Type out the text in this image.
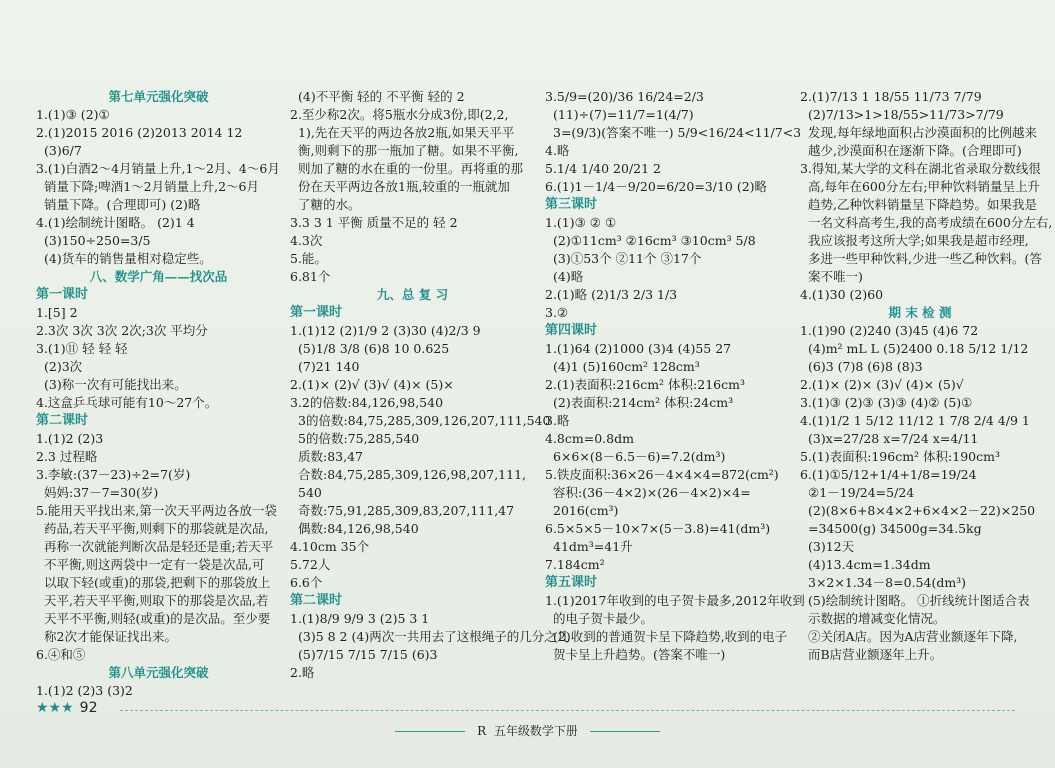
第七单元强化突破
1.(1)③ (2)①
2.(1)2015 2016 (2)2013 2014 12
(3)6/7
3.(1)白酒2～4月销量上升,1～2月、4～6月
销量下降;啤酒1～2月销量上升,2～6月
销量下降。(合理即可) (2)略
4.(1)绘制统计图略。 (2)1 4
(3)150÷250=3/5
(4)货车的销售量相对稳定些。
八、数学广角——找次品
第一课时
1.[5] 2
2.3次 3次 3次 2次;3次 平均分
3.(1)⑪ 轻 轻 轻
(2)3次
(3)称一次有可能找出来。
4.这盒乒乓球可能有10～27个。
第二课时
1.(1)2 (2)3
2.3 过程略
3.李敏:(37－23)÷2=7(岁)
妈妈:37－7=30(岁)
5.能用天平找出来,第一次天平两边各放一袋
药品,若天平平衡,则剩下的那袋就是次品,
再称一次就能判断次品是轻还是重;若天平
不平衡,则这两袋中一定有一袋是次品,可
以取下轻(或重)的那袋,把剩下的那袋放上
天平,若天平平衡,则取下的那袋是次品,若
天平不平衡,则轻(或重)的是次品。至少要
称2次才能保证找出来。
6.④和⑤
第八单元强化突破
1.(1)2 (2)3 (3)2
(4)不平衡 轻的 不平衡 轻的 2
2.至少称2次。将5瓶水分成3份,即(2,2,
1),先在天平的两边各放2瓶,如果天平平
衡,则剩下的那一瓶加了糖。如果不平衡,
则加了糖的水在重的一份里。再将重的那
份在天平两边各放1瓶,较重的一瓶就加
了糖的水。
3.3 3 1 平衡 质量不足的 轻 2
4.3次
5.能。
6.81个
九、总 复 习
第一课时
1.(1)12 (2)1/9 2 (3)30 (4)2/3 9
(5)1/8 3/8 (6)8 10 0.625
(7)21 140
2.(1)× (2)√ (3)√ (4)× (5)×
3.2的倍数:84,126,98,540
3的倍数:84,75,285,309,126,207,111,540
5的倍数:75,285,540
质数:83,47
合数:84,75,285,309,126,98,207,111,
540
奇数:75,91,285,309,83,207,111,47
偶数:84,126,98,540
4.10cm 35个
5.72人
6.6个
第二课时
1.(1)8/9 9/9 3 (2)5 3 1
(3)5 8 2 (4)两次一共用去了这根绳子的几分之几
(5)7/15 7/15 7/15 (6)3
2.略
3.5/9=(20)/36 16/24=2/3
(11)÷(7)=11/7=1(4/7)
3=(9/3)(答案不唯一) 5/9<16/24<11/7<3
4.略
5.1/4 1/40 20/21 2
6.(1)1－1/4－9/20=6/20=3/10 (2)略
第三课时
1.(1)③ ② ①
(2)①11cm³ ②16cm³ ③10cm³ 5/8
(3)①53个 ②11个 ③17个
(4)略
2.(1)略 (2)1/3 2/3 1/3
3.②
第四课时
1.(1)64 (2)1000 (3)4 (4)55 27
(4)1 (5)160cm² 128cm³
2.(1)表面积:216cm² 体积:216cm³
(2)表面积:214cm² 体积:24cm³
3.略
4.8cm=0.8dm
6×6×(8－6.5－6)=7.2(dm³)
5.铁皮面积:36×26－4×4×4=872(cm²)
容积:(36－4×2)×(26－4×2)×4=
2016(cm³)
6.5×5×5－10×7×(5－3.8)=41(dm³)
41dm³=41升
7.184cm²
第五课时
1.(1)2017年收到的电子贺卡最多,2012年收到
的电子贺卡最少。
(2)收到的普通贺卡呈下降趋势,收到的电子
贺卡呈上升趋势。(答案不唯一)
2.(1)7/13 1 18/55 11/73 7/79
(2)7/13>1>18/55>11/73>7/79
发现,每年绿地面积占沙漠面积的比例越来
越少,沙漠面积在逐渐下降。(合理即可)
3.得知,某大学的文科在湖北省录取分数线很
高,每年在600分左右;甲种饮料销量呈上升
趋势,乙种饮料销量呈下降趋势。如果我是
一名文科高考生,我的高考成绩在600分左右,
我应该报考这所大学;如果我是超市经理,
多进一些甲种饮料,少进一些乙种饮料。(答
案不唯一)
4.(1)30 (2)60
期 末 检 测
1.(1)90 (2)240 (3)45 (4)6 72
(4)m² mL L (5)2400 0.18 5/12 1/12
(6)3 (7)8 (6)8 (8)3
2.(1)× (2)× (3)√ (4)× (5)√
3.(1)③ (2)③ (3)③ (4)② (5)①
4.(1)1/2 1 5/12 11/12 1 7/8 2/4 4/9 1
(3)x=27/28 x=7/24 x=4/11
5.(1)表面积:196cm² 体积:190cm³
6.(1)①5/12+1/4+1/8=19/24
②1－19/24=5/24
(2)(8×6+8×4×2+6×4×2－22)×250
=34500(g) 34500g=34.5kg
(3)12天
(4)13.4cm=1.34dm
3×2×1.34－8=0.54(dm³)
(5)绘制统计图略。 ①折线统计图适合表
示数据的增减变化情况。
②关闭A店。因为A店营业额逐年下降,
而B店营业额逐年上升。
★★★ 92
R 五年级数学下册
